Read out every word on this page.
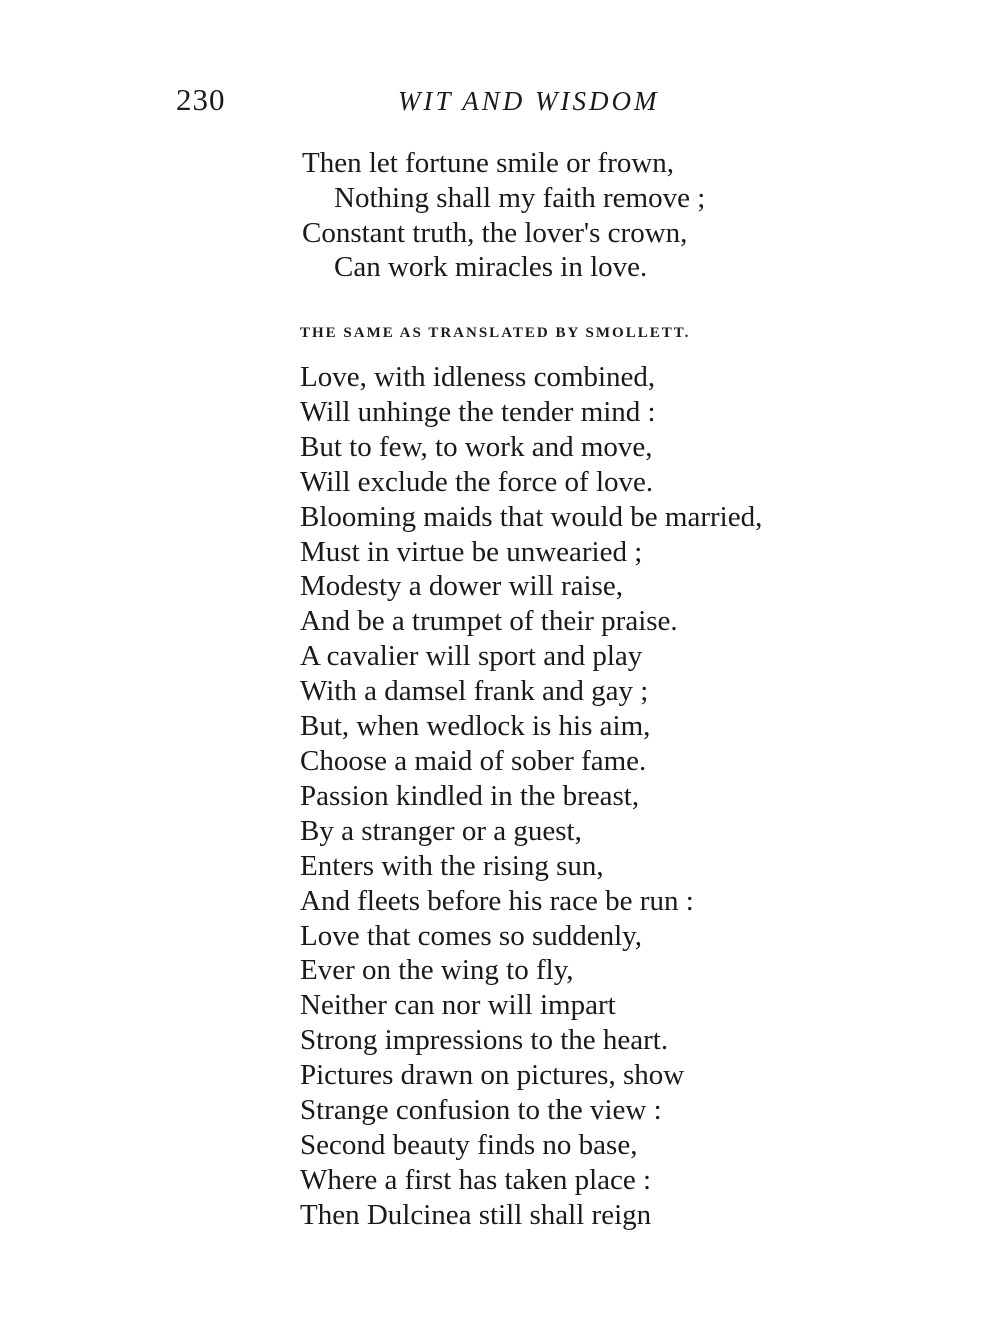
230	WIT AND WISDOM
Then let fortune smile or frown,
Nothing shall my faith remove ;
Constant truth, the lover's crown,
Can work miracles in love.
THE SAME AS TRANSLATED BY SMOLLETT.
Love, with idleness combined,
Will unhinge the tender mind :
But to few, to work and move,
Will exclude the force of love.
Blooming maids that would be married,
Must in virtue be unwearied ;
Modesty a dower will raise,
And be a trumpet of their praise.
A cavalier will sport and play
With a damsel frank and gay ;
But, when wedlock is his aim,
Choose a maid of sober fame.
Passion kindled in the breast,
By a stranger or a guest,
Enters with the rising sun,
And fleets before his race be run :
Love that comes so suddenly,
Ever on the wing to fly,
Neither can nor will impart
Strong impressions to the heart.
Pictures drawn on pictures, show
Strange confusion to the view :
Second beauty finds no base,
Where a first has taken place :
Then Dulcinea still shall reign
